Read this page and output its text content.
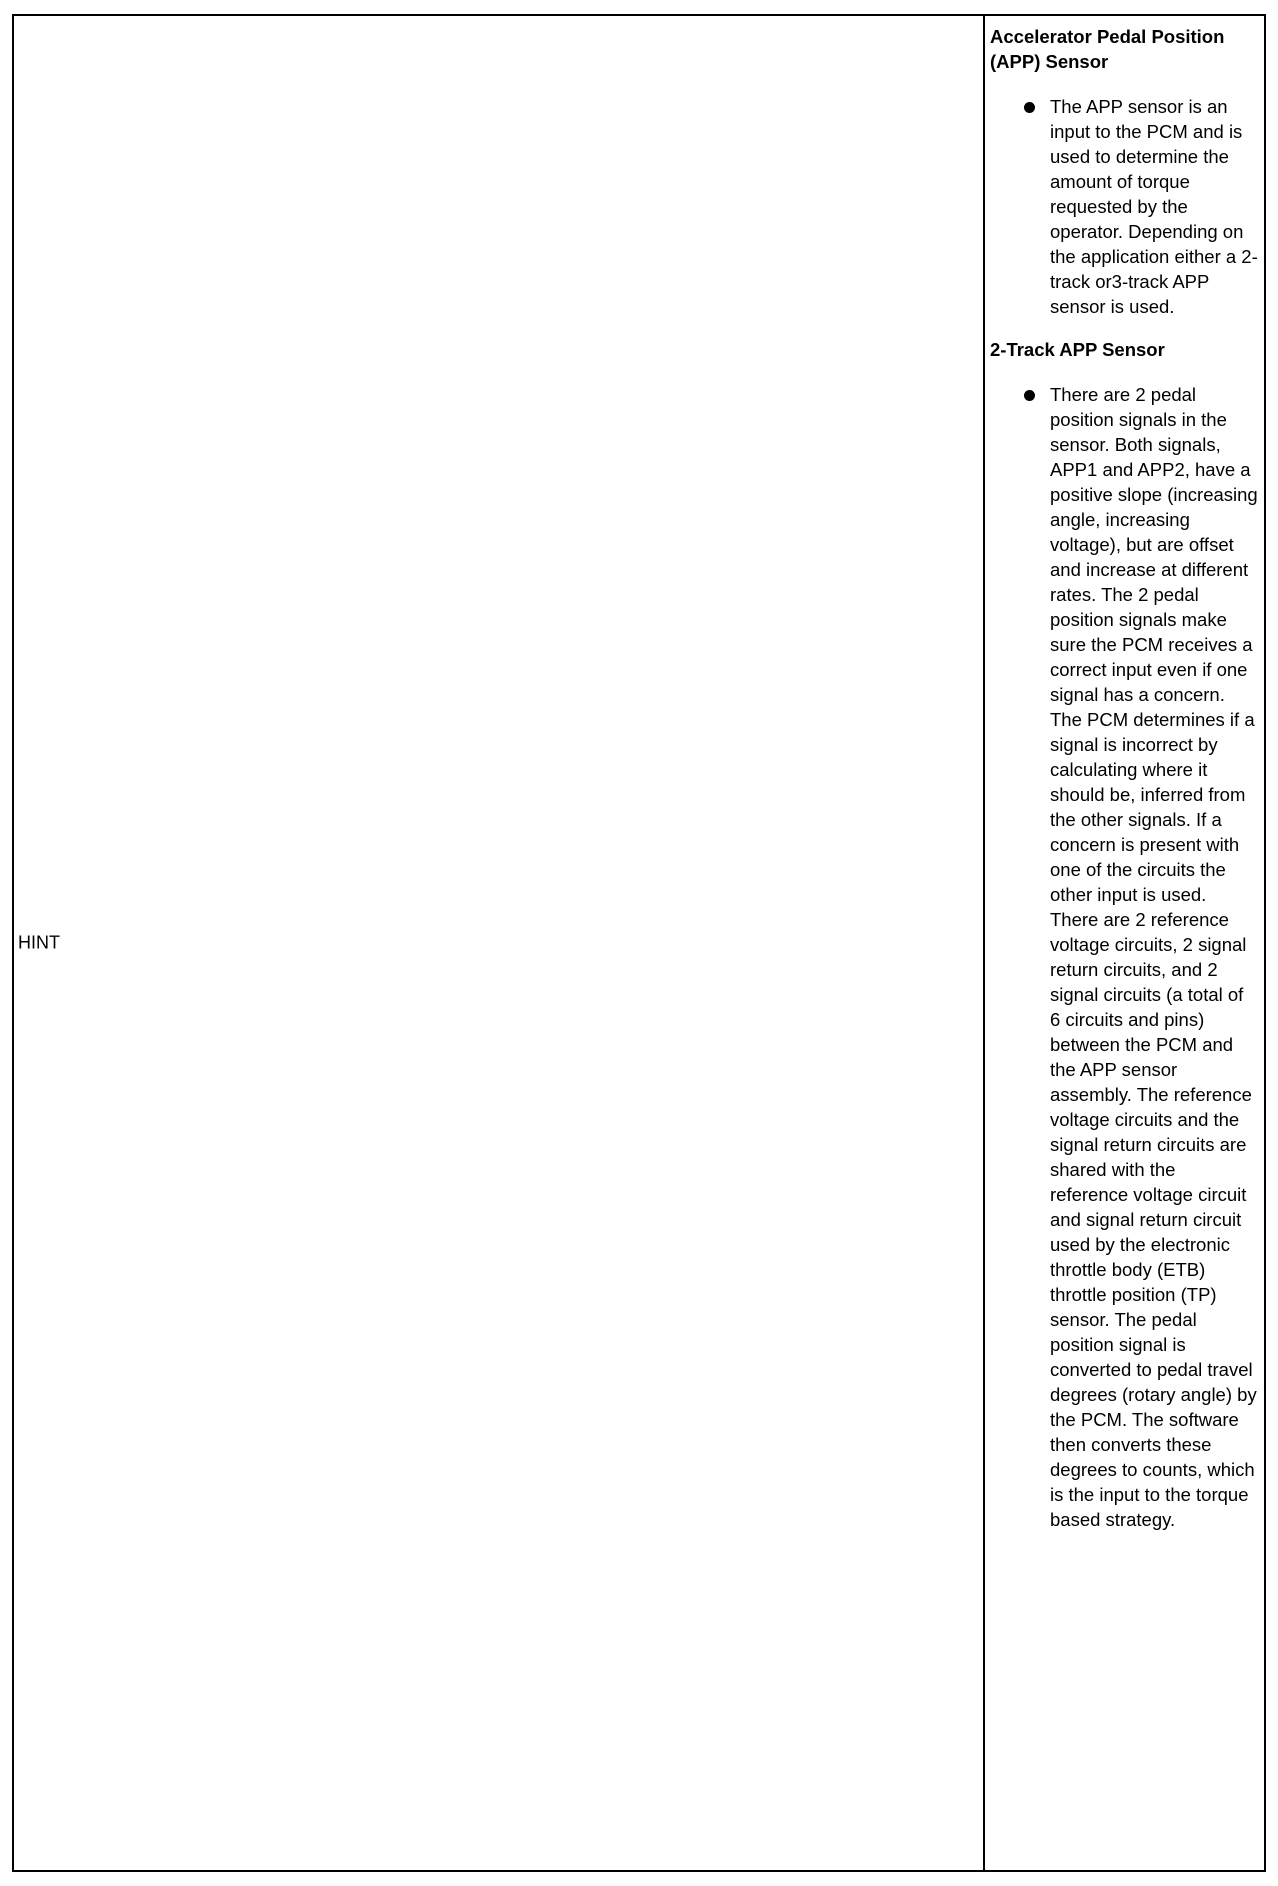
HINT
Accelerator Pedal Position (APP) Sensor
The APP sensor is an input to the PCM and is used to determine the amount of torque requested by the operator. Depending on the application either a 2-track or3-track APP sensor is used.
2-Track APP Sensor
There are 2 pedal position signals in the sensor. Both signals, APP1 and APP2, have a positive slope (increasing angle, increasing voltage), but are offset and increase at different rates. The 2 pedal position signals make sure the PCM receives a correct input even if one signal has a concern. The PCM determines if a signal is incorrect by calculating where it should be, inferred from the other signals. If a concern is present with one of the circuits the other input is used. There are 2 reference voltage circuits, 2 signal return circuits, and 2 signal circuits (a total of 6 circuits and pins) between the PCM and the APP sensor assembly. The reference voltage circuits and the signal return circuits are shared with the reference voltage circuit and signal return circuit used by the electronic throttle body (ETB) throttle position (TP) sensor. The pedal position signal is converted to pedal travel degrees (rotary angle) by the PCM. The software then converts these degrees to counts, which is the input to the torque based strategy.
